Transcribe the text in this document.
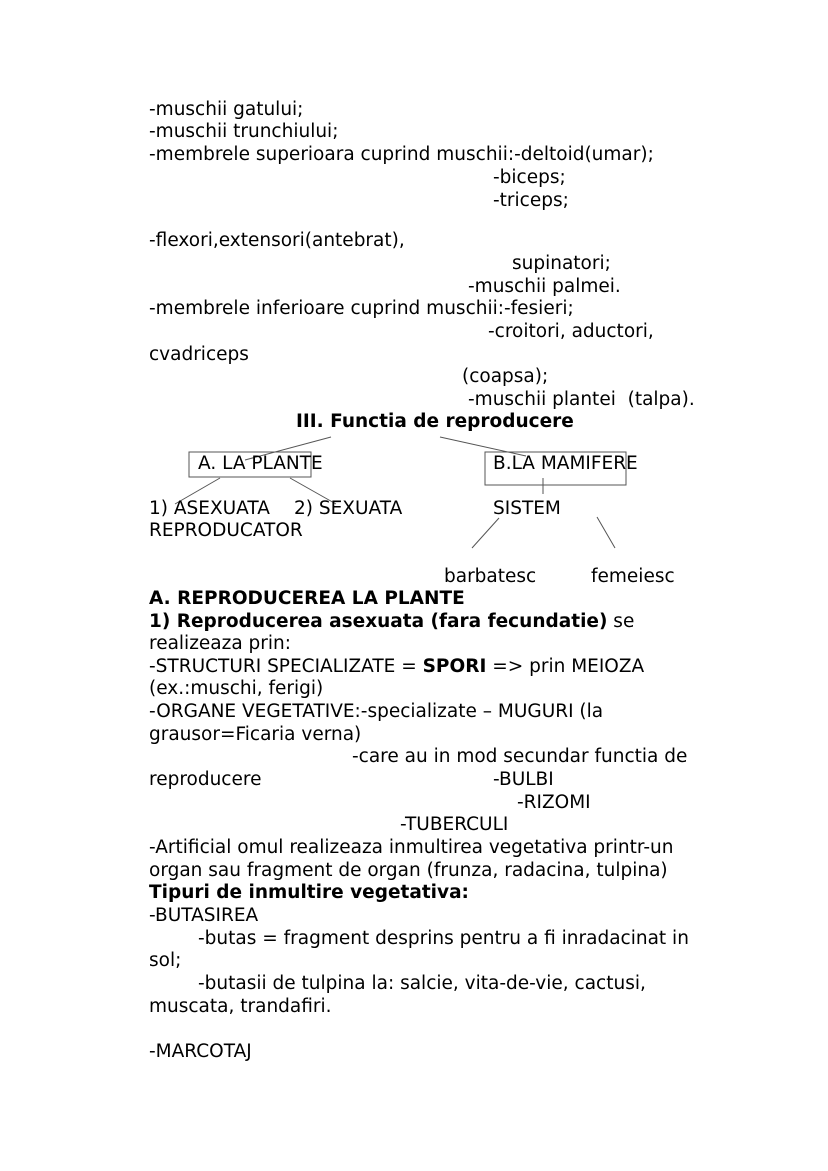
-muschii gatului;
-muschii trunchiului;
-membrele superioara cuprind muschii:-deltoid(umar);
-biceps;
-triceps;
-flexori,extensori(antebrat),
supinatori;
-muschii palmei.
-membrele inferioare cuprind muschii:-fesieri;
-croitori, aductori,
cvadriceps
(coapsa);
-muschii plantei  (talpa).
III. Functia de reproducere
A. LA PLANTE	B.LA MAMIFERE
1) ASEXUATA 2) SEXUATA	SISTEM
REPRODUCATOR
barbatesc	femeiesc
A. REPRODUCEREA LA PLANTE
1) Reproducerea asexuata (fara fecundatie) se
realizeaza prin:
-STRUCTURI SPECIALIZATE = SPORI => prin MEIOZA
(ex.:muschi, ferigi)
-ORGANE VEGETATIVE:-specializate – MUGURI (la
grausor=Ficaria verna)
-care au in mod secundar functia de
reproducere	-BULBI
-RIZOMI
-TUBERCULI
-Artificial omul realizeaza inmultirea vegetativa printr-un
organ sau fragment de organ (frunza, radacina, tulpina)
Tipuri de inmultire vegetativa:
-BUTASIREA
-butas = fragment desprins pentru a fi inradacinat in
sol;
-butasii de tulpina la: salcie, vita-de-vie, cactusi,
muscata, trandafiri.
-MARCOTAJ
